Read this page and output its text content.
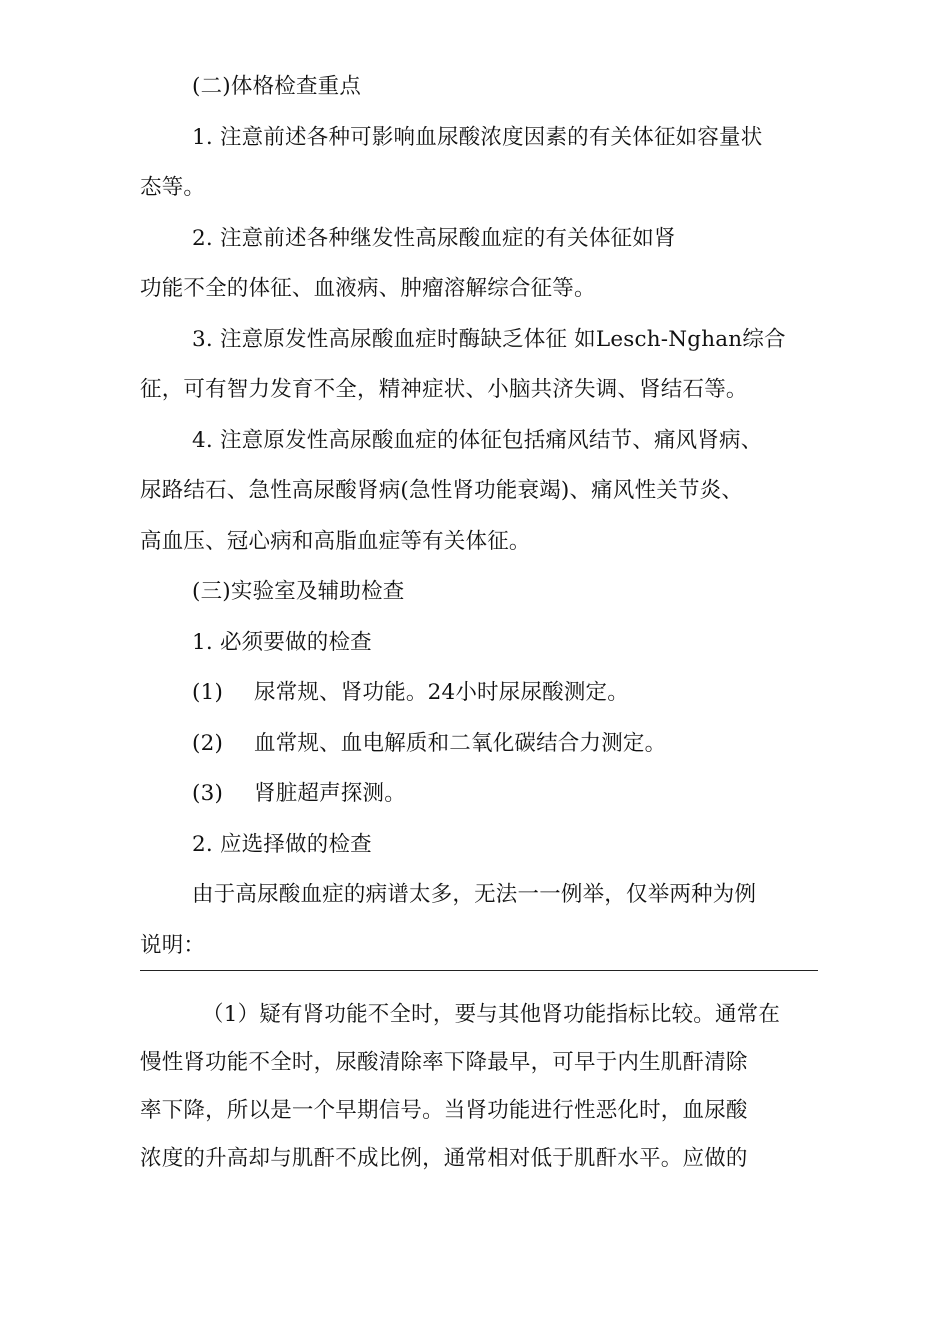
(二)体格检查重点
1. 注意前述各种可影响血尿酸浓度因素的有关体征如容量状
态等。
2. 注意前述各种继发性高尿酸血症的有关体征如肾
功能不全的体征、血液病、肿瘤溶解综合征等。
3. 注意原发性高尿酸血症时酶缺乏体征 如Lesch-Nghan综合
征，可有智力发育不全，精神症状、小脑共济失调、肾结石等。
4. 注意原发性高尿酸血症的体征包括痛风结节、痛风肾病、
尿路结石、急性高尿酸肾病(急性肾功能衰竭)、痛风性关节炎、
高血压、冠心病和高脂血症等有关体征。
(三)实验室及辅助检查
1. 必须要做的检查
(1) 尿常规、肾功能。24小时尿尿酸测定。
(2) 血常规、血电解质和二氧化碳结合力测定。
(3) 肾脏超声探测。
2. 应选择做的检查
由于高尿酸血症的病谱太多，无法一一例举，仅举两种为例
说明：
（1）疑有肾功能不全时，要与其他肾功能指标比较。通常在
慢性肾功能不全时，尿酸清除率下降最早，可早于内生肌酐清除
率下降，所以是一个早期信号。当肾功能进行性恶化时，血尿酸
浓度的升高却与肌酐不成比例，通常相对低于肌酐水平。应做的
